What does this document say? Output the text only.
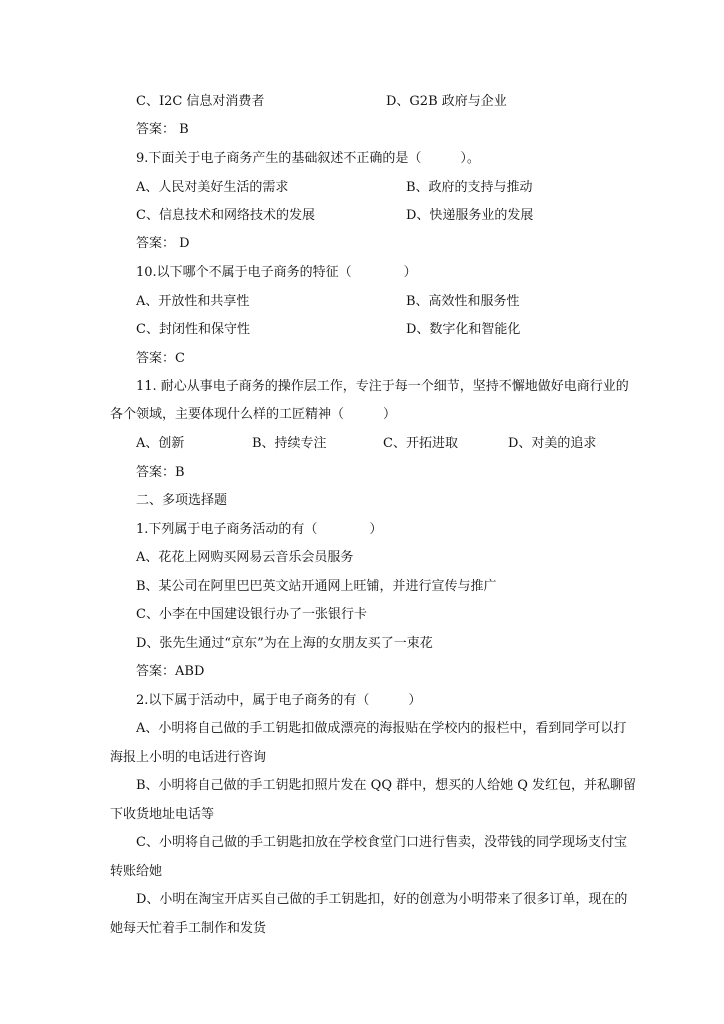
C、I2C 信息对消费者	D、G2B 政府与企业
答案： B
9.下面关于电子商务产生的基础叙述不正确的是（　　　）。
A、人民对美好生活的需求	B、政府的支持与推动
C、信息技术和网络技术的发展	D、快递服务业的发展
答案： D
10.以下哪个不属于电子商务的特征（　　　　）
A、开放性和共享性	B、高效性和服务性
C、封闭性和保守性	D、数字化和智能化
答案：C
11. 耐心从事电子商务的操作层工作，专注于每一个细节，坚持不懈地做好电商行业的
各个领域，主要体现什么样的工匠精神（　　　）
A、创新	B、持续专注	C、开拓进取	D、对美的追求
答案：B
二、多项选择题
1.下列属于电子商务活动的有（　　　　）
A、花花上网购买网易云音乐会员服务
B、某公司在阿里巴巴英文站开通网上旺铺，并进行宣传与推广
C、小李在中国建设银行办了一张银行卡
D、张先生通过“京东”为在上海的女朋友买了一束花
答案：ABD
2.以下属于活动中，属于电子商务的有（　　　）
A、小明将自己做的手工钥匙扣做成漂亮的海报贴在学校内的报栏中，看到同学可以打
海报上小明的电话进行咨询
B、小明将自己做的手工钥匙扣照片发在 QQ 群中，想买的人给她 Q 发红包，并私聊留
下收货地址电话等
C、小明将自己做的手工钥匙扣放在学校食堂门口进行售卖，没带钱的同学现场支付宝
转账给她
D、小明在淘宝开店买自己做的手工钥匙扣，好的创意为小明带来了很多订单，现在的
她每天忙着手工制作和发货
